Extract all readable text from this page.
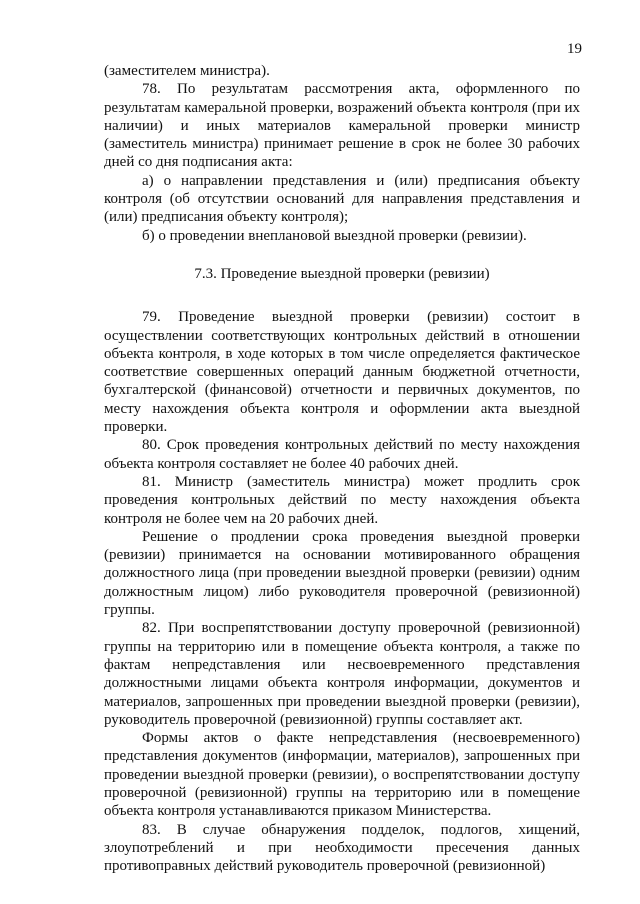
19

(заместителем министра).

78. По результатам рассмотрения акта, оформленного по результатам камеральной проверки, возражений объекта контроля (при их наличии) и иных материалов камеральной проверки министр (заместитель министра) принимает решение в срок не более 30 рабочих дней со дня подписания акта:

а) о направлении представления и (или) предписания объекту контроля (об отсутствии оснований для направления представления и (или) предписания объекту контроля);

б) о проведении внеплановой выездной проверки (ревизии).

7.3. Проведение выездной проверки (ревизии)

79. Проведение выездной проверки (ревизии) состоит в осуществлении соответствующих контрольных действий в отношении объекта контроля, в ходе которых в том числе определяется фактическое соответствие совершенных операций данным бюджетной отчетности, бухгалтерской (финансовой) отчетности и первичных документов, по месту нахождения объекта контроля и оформлении акта выездной проверки.

80. Срок проведения контрольных действий по месту нахождения объекта контроля составляет не более 40 рабочих дней.

81. Министр (заместитель министра) может продлить срок проведения контрольных действий по месту нахождения объекта контроля не более чем на 20 рабочих дней.

Решение о продлении срока проведения выездной проверки (ревизии) принимается на основании мотивированного обращения должностного лица (при проведении выездной проверки (ревизии) одним должностным лицом) либо руководителя проверочной (ревизионной) группы.

82. При воспрепятствовании доступу проверочной (ревизионной) группы на территорию или в помещение объекта контроля, а также по фактам непредставления или несвоевременного представления должностными лицами объекта контроля информации, документов и материалов, запрошенных при проведении выездной проверки (ревизии), руководитель проверочной (ревизионной) группы составляет акт.

Формы актов о факте непредставления (несвоевременного) представления документов (информации, материалов), запрошенных при проведении выездной проверки (ревизии), о воспрепятствовании доступу проверочной (ревизионной) группы на территорию или в помещение объекта контроля устанавливаются приказом Министерства.

83. В случае обнаружения подделок, подлогов, хищений, злоупотреблений и при необходимости пресечения данных противоправных действий руководитель проверочной (ревизионной)
